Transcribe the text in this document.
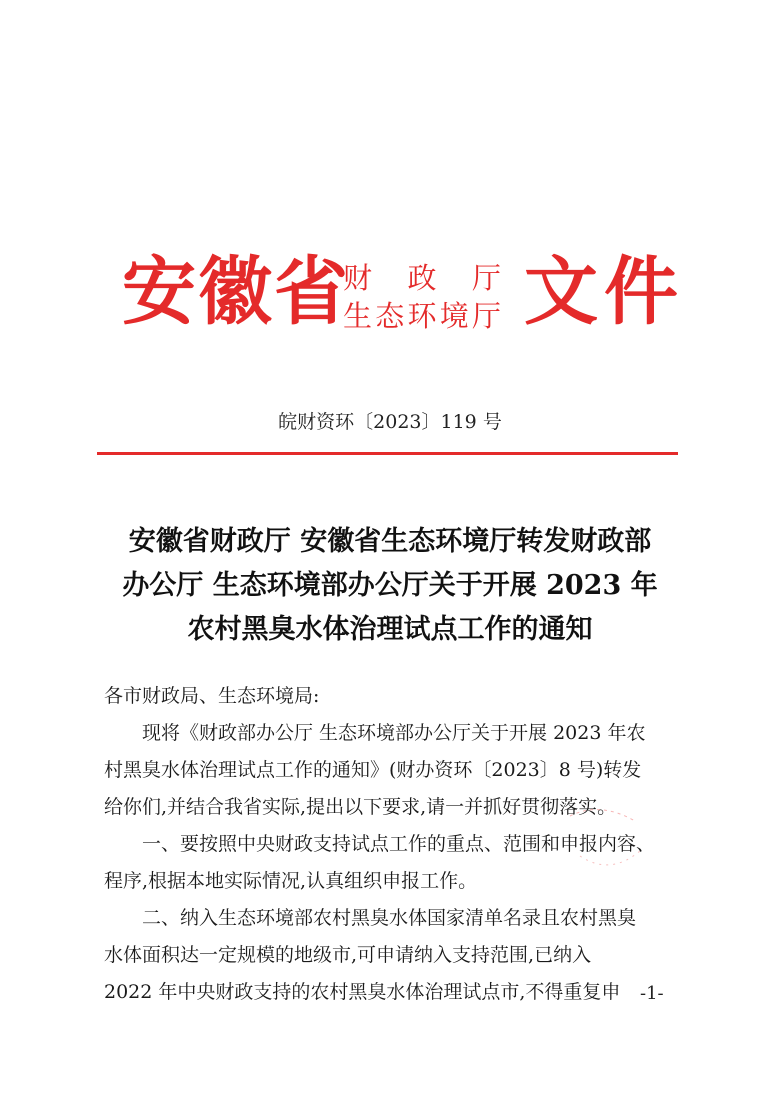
安徽省
财 政 厅
生 态 环 境 厅 文件
皖财资环〔2023〕119 号
安徽省财政厅 安徽省生态环境厅转发财政部
办公厅 生态环境部办公厅关于开展 2023 年
农村黑臭水体治理试点工作的通知
各市财政局、生态环境局:
现将《财政部办公厅 生态环境部办公厅关于开展 2023 年农
村黑臭水体治理试点工作的通知》(财办资环〔2023〕8 号)转发
给你们,并结合我省实际,提出以下要求,请一并抓好贯彻落实。
一、要按照中央财政支持试点工作的重点、范围和申报内容、
程序,根据本地实际情况,认真组织申报工作。
二、纳入生态环境部农村黑臭水体国家清单名录且农村黑臭
水体面积达一定规模的地级市,可申请纳入支持范围,已纳入
2022 年中央财政支持的农村黑臭水体治理试点市,不得重复申	-1-
